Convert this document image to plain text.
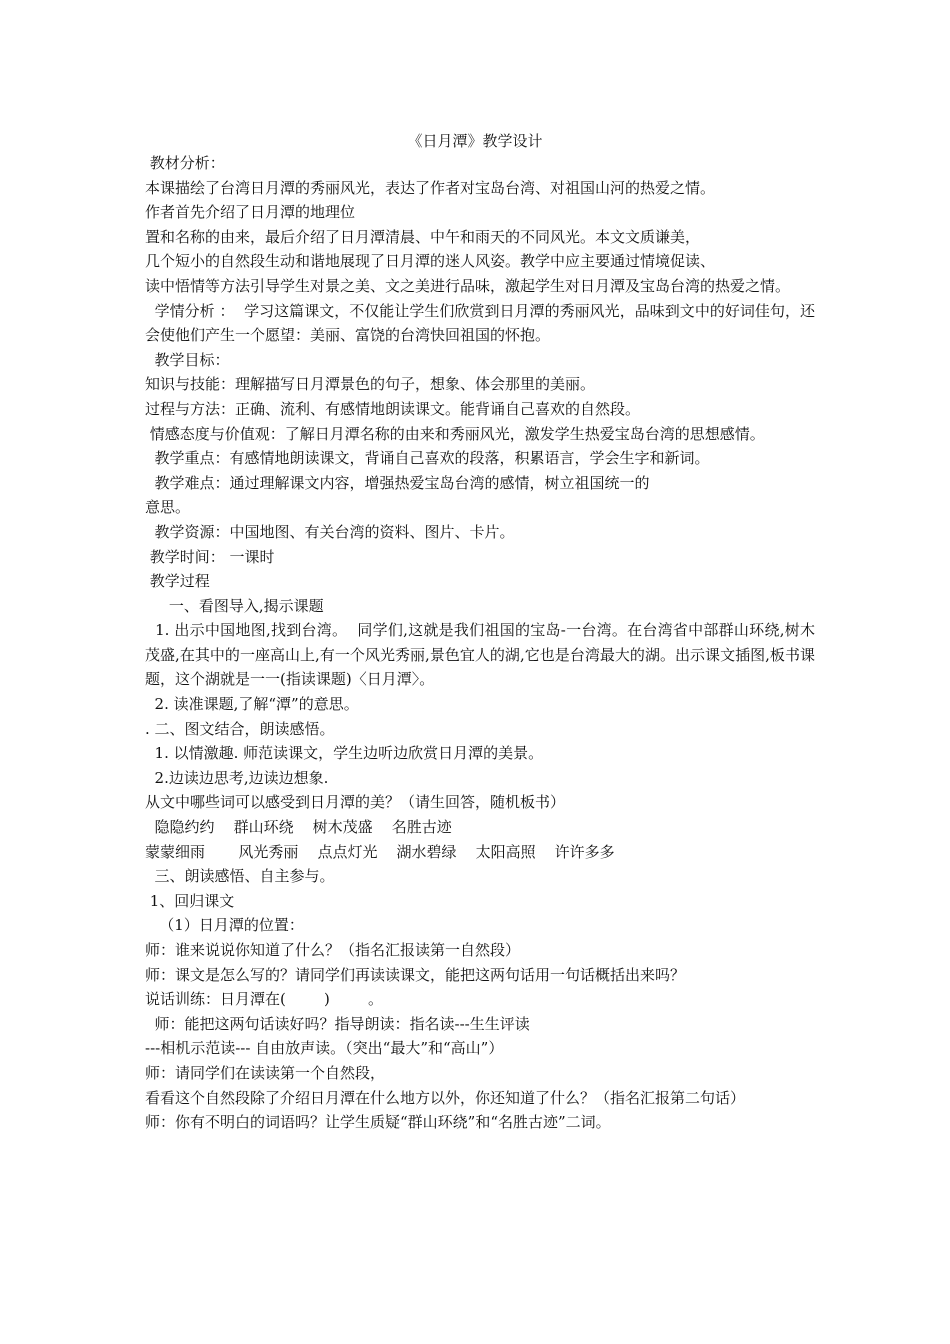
《日月潭》教学设计
教材分析：
本课描绘了台湾日月潭的秀丽风光，表达了作者对宝岛台湾、对祖国山河的热爱之情。
作者首先介绍了日月潭的地理位
置和名称的由来，最后介绍了日月潭清晨、中午和雨天的不同风光。本文文质谦美，
几个短小的自然段生动和谐地展现了日月潭的迷人风姿。教学中应主要通过情境促读、
读中悟情等方法引导学生对景之美、文之美进行品味，激起学生对日月潭及宝岛台湾的热爱之情。
学情分析 ：  学习这篇课文，不仅能让学生们欣赏到日月潭的秀丽风光，品味到文中的好词佳句，还会使他们产生一个愿望：美丽、富饶的台湾快回祖国的怀抱。
教学目标：
知识与技能：理解描写日月潭景色的句子，想象、体会那里的美丽。
过程与方法：正确、流利、有感情地朗读课文。能背诵自己喜欢的自然段。
情感态度与价值观：了解日月潭名称的由来和秀丽风光，激发学生热爱宝岛台湾的思想感情。
教学重点：有感情地朗读课文，背诵自己喜欢的段落，积累语言，学会生字和新词。
教学难点：通过理解课文内容，增强热爱宝岛台湾的感情，树立祖国统一的
意思。
教学资源：中国地图、有关台湾的资料、图片、卡片。
教学时间： 一课时
教学过程
一、看图导入,揭示课题
1. 出示中国地图,找到台湾。  同学们,这就是我们祖国的宝岛-一台湾。在台湾省中部群山环绕,树木茂盛,在其中的一座高山上,有一个风光秀丽,景色宜人的湖,它也是台湾最大的湖。出示课文插图,板书课题，这个湖就是一一(指读课题)〈日月潭〉。
2. 读准课题,了解“潭”的意思。
. 二、图文结合，朗读感悟。
1. 以情激趣. 师范读课文，学生边听边欣赏日月潭的美景。
2.边读边思考,边读边想象.
从文中哪些词可以感受到日月潭的美？（请生回答，随机板书）
隐隐约约    群山环绕    树木茂盛    名胜古迹
蒙蒙细雨       风光秀丽    点点灯光    湖水碧绿    太阳高照    许许多多
三、朗读感悟、自主参与。
1、回归课文
（1）日月潭的位置：
师：谁来说说你知道了什么？（指名汇报读第一自然段）
师：课文是怎么写的？请同学们再读读课文，能把这两句话用一句话概括出来吗？
说话训练：日月潭在(        )        。
师：能把这两句话读好吗？指导朗读：指名读---生生评读
---相机示范读--- 自由放声读。（突出“最大”和“高山”）
师：请同学们在读读第一个自然段，
看看这个自然段除了介绍日月潭在什么地方以外，你还知道了什么？（指名汇报第二句话）
师：你有不明白的词语吗？让学生质疑“群山环绕”和“名胜古迹”二词。
